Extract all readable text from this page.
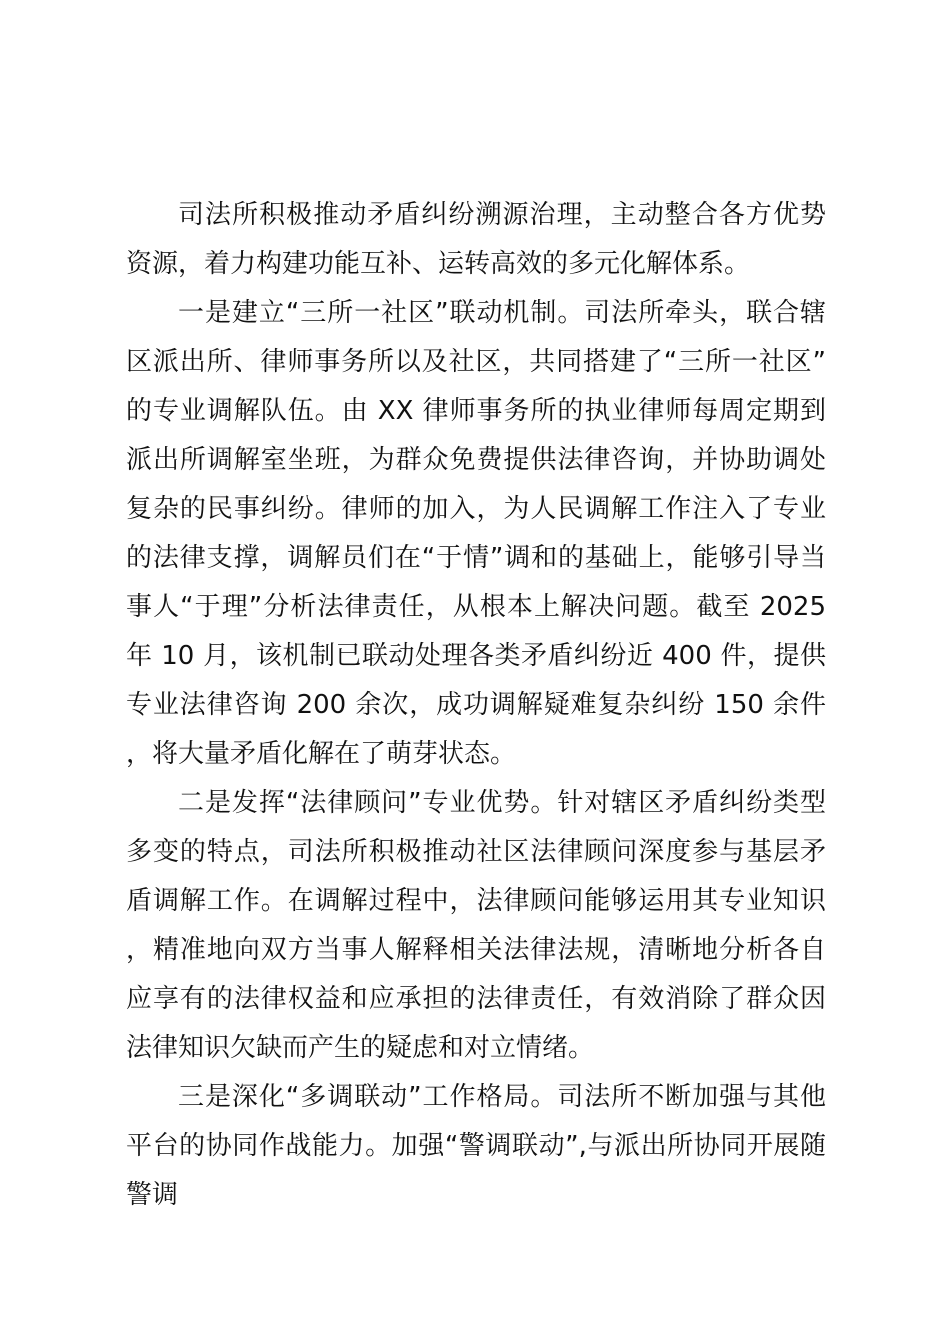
司法所积极推动矛盾纠纷溯源治理，主动整合各方优势资源，着力构建功能互补、运转高效的多元化解体系。

一是建立“三所一社区”联动机制。司法所牵头，联合辖区派出所、律师事务所以及社区，共同搭建了“三所一社区”的专业调解队伍。由 XX 律师事务所的执业律师每周定期到派出所调解室坐班，为群众免费提供法律咨询，并协助调处复杂的民事纠纷。律师的加入，为人民调解工作注入了专业的法律支撑，调解员们在“于情”调和的基础上，能够引导当事人“于理”分析法律责任，从根本上解决问题。截至 2025 年 10 月，该机制已联动处理各类矛盾纠纷近 400 件，提供专业法律咨询 200 余次，成功调解疑难复杂纠纷 150 余件，将大量矛盾化解在了萌芽状态。

二是发挥“法律顾问”专业优势。针对辖区矛盾纠纷类型多变的特点，司法所积极推动社区法律顾问深度参与基层矛盾调解工作。在调解过程中，法律顾问能够运用其专业知识，精准地向双方当事人解释相关法律法规，清晰地分析各自应享有的法律权益和应承担的法律责任，有效消除了群众因法律知识欠缺而产生的疑虑和对立情绪。

三是深化“多调联动”工作格局。司法所不断加强与其他平台的协同作战能力。加强“警调联动”,与派出所协同开展随警调
